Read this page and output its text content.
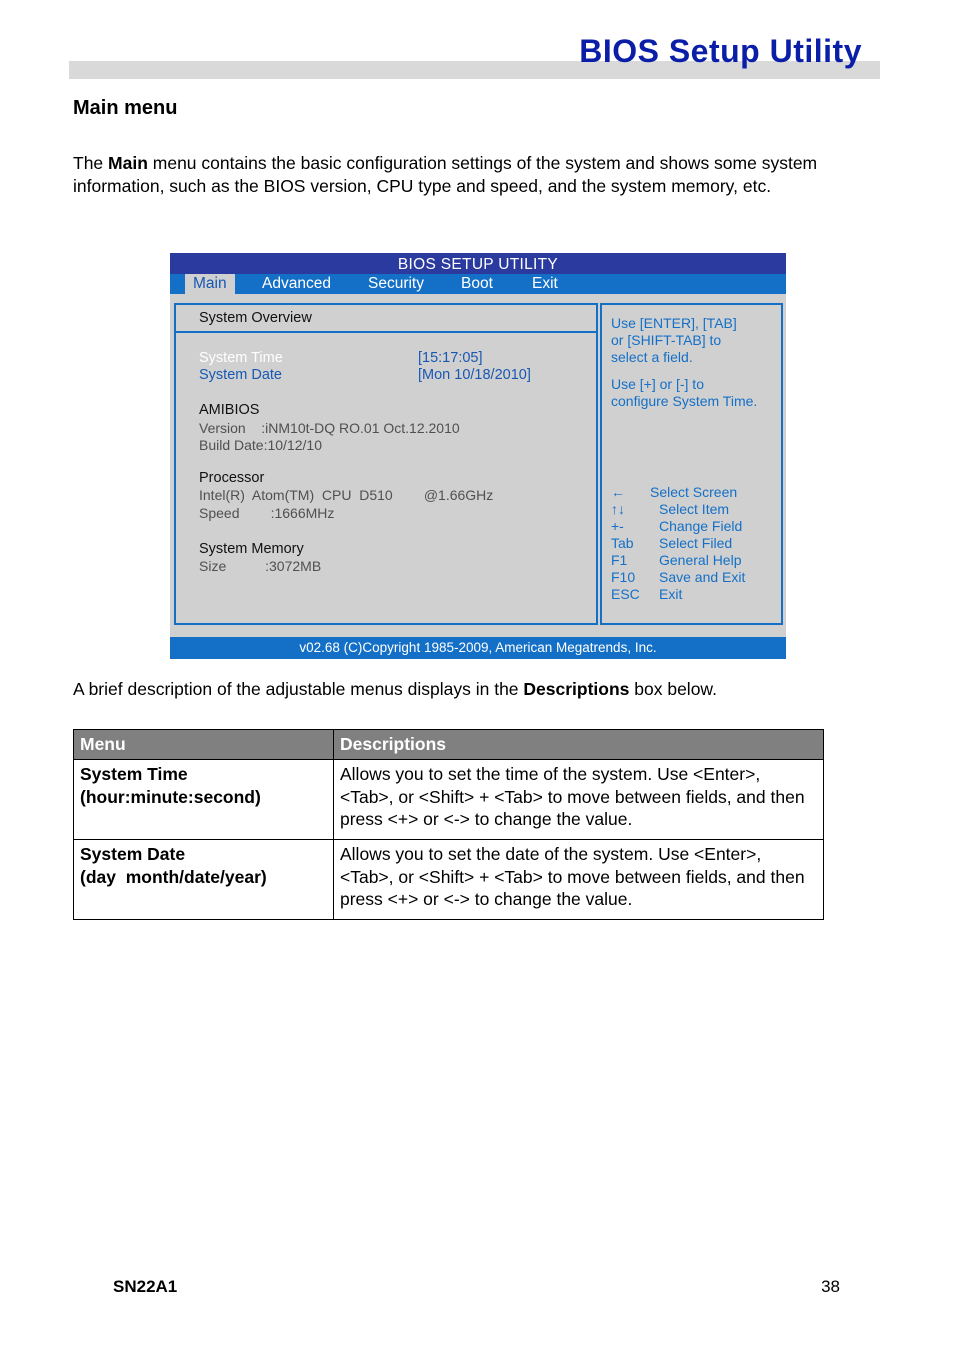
BIOS Setup Utility
Main menu
The Main menu contains the basic configuration settings of the system and shows some system information, such as the BIOS version, CPU type and speed, and the system memory, etc.
BIOS SETUP UTILITY
Main	Advanced Security Boot	Exit
System Overview
System Time	[15:17:05]
System Date	[Mon 10/18/2010]
AMIBIOS
Version    :iNM10t-DQ RO.01 Oct.12.2010
Build Date:10/12/10
Processor
Intel(R)  Atom(TM)  CPU  D510        @1.66GHz
Speed        :1666MHz
System Memory
Size          :3072MB
Use [ENTER], [TAB]
or [SHIFT-TAB] to
select a field.
Use [+] or [-] to
configure System Time.
← Select Screen
↑↓ Select Item
+-	Change Field
Tab Select Filed
F1 General Help
F10 Save and Exit
ESC Exit
v02.68 (C)Copyright 1985-2009, American Megatrends, Inc.
A brief description of the adjustable menus displays in the Descriptions box below.
Menu	Descriptions
System Time
(hour:minute:second)	Allows you to set the time of the system. Use <Enter>, <Tab>, or <Shift> + <Tab> to move between fields, and then press <+> or <-> to change the value.
System Date
(day  month/date/year)	Allows you to set the date of the system. Use <Enter>, <Tab>, or <Shift> + <Tab> to move between fields, and then press <+> or <-> to change the value.
SN22A1	38
